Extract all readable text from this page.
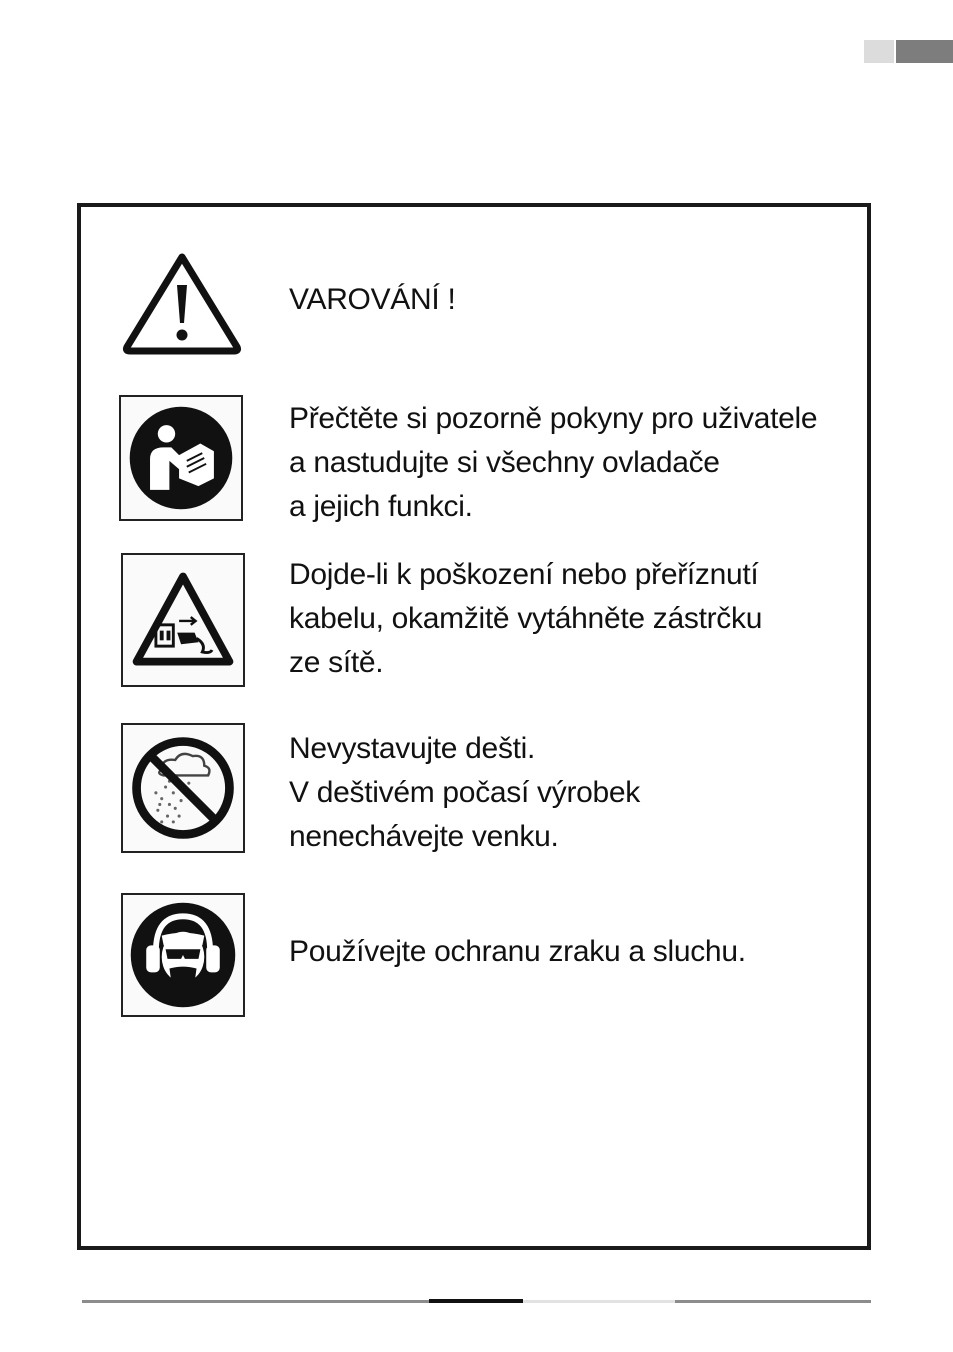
VAROVÁNÍ !
Přečtěte si pozorně pokyny pro uživatele
a nastudujte si všechny ovladače
a jejich funkci.
Dojde-li k poškození nebo přeříznutí
kabelu, okamžitě vytáhněte zástrčku
ze sítě.
Nevystavujte dešti.
V deštivém počasí výrobek
nenechávejte venku.
Používejte ochranu zraku a sluchu.
